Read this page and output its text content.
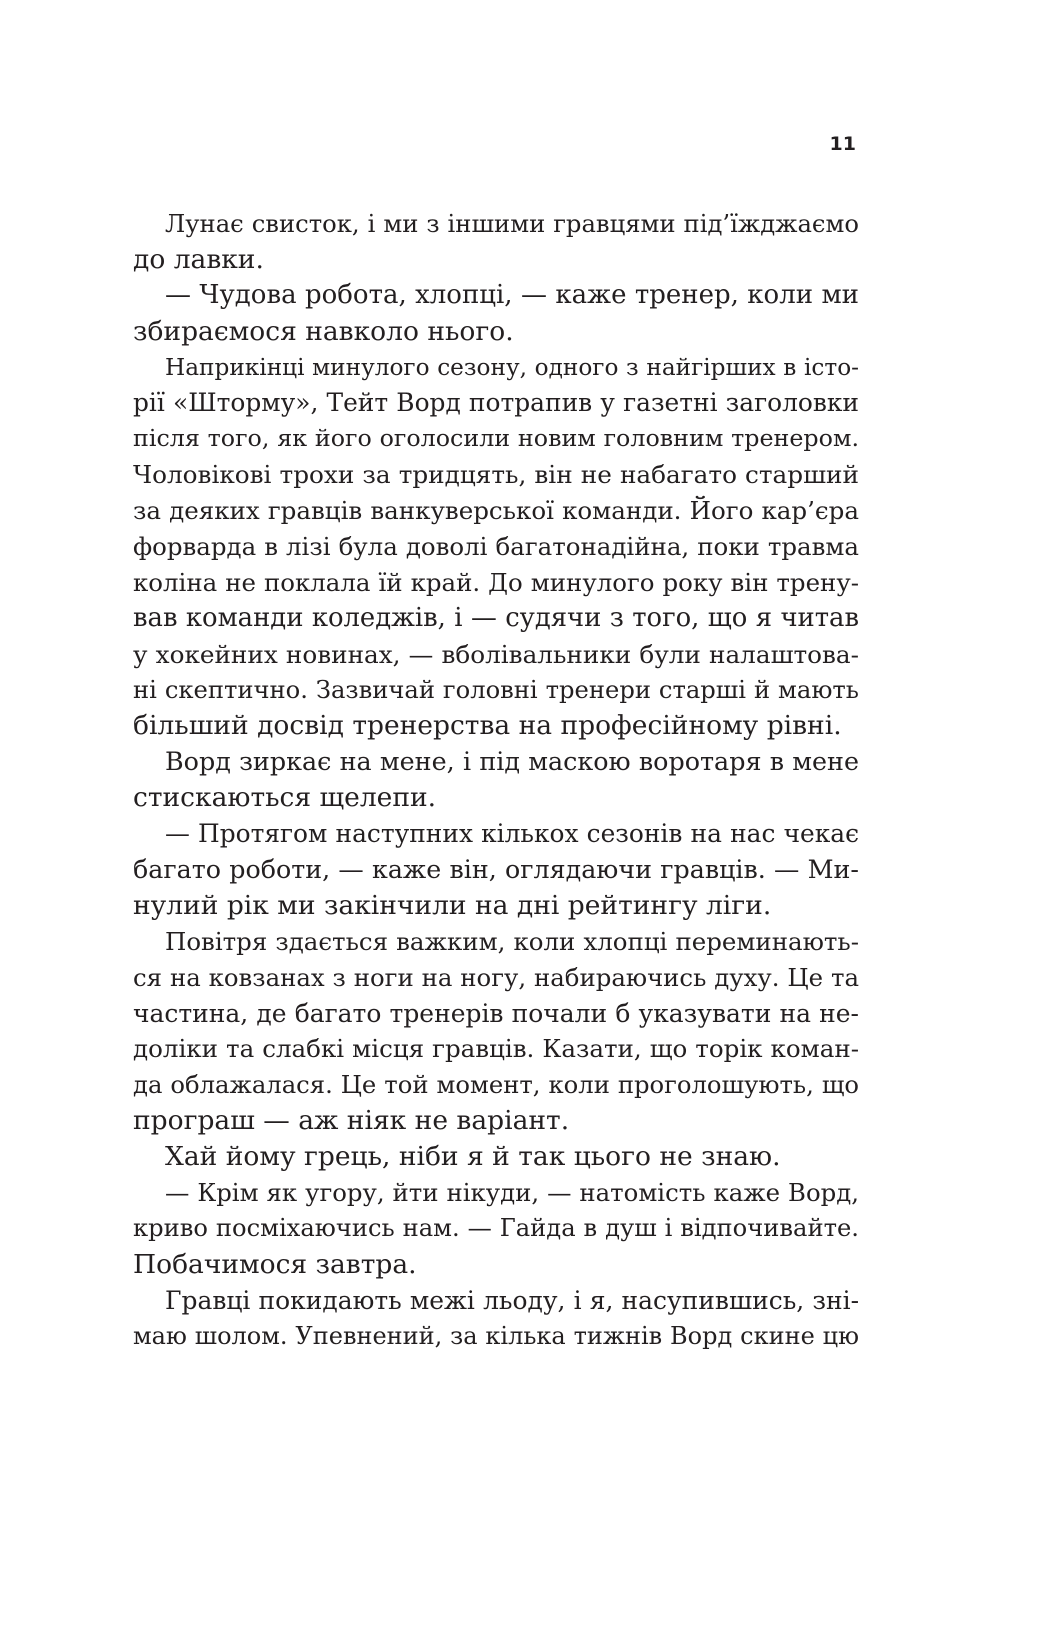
11
Лунає свисток, і ми з іншими гравцями під’їжджаємо
до лавки.
— Чудова робота, хлопці, — каже тренер, коли ми
збираємося навколо нього.
Наприкінці минулого сезону, одного з найгірших в істо-
рії «Шторму», Тейт Ворд потрапив у газетні заголовки
після того, як його оголосили новим головним тренером.
Чоловікові трохи за тридцять, він не набагато старший
за деяких гравців ванкуверської команди. Його кар’єра
форварда в лізі була доволі багатонадійна, поки травма
коліна не поклала їй край. До минулого року він трену-
вав команди коледжів, і — судячи з того, що я читав
у хокейних новинах, — вболівальники були налаштова-
ні скептично. Зазвичай головні тренери старші й мають
більший досвід тренерства на професійному рівні.
Ворд зиркає на мене, і під маскою воротаря в мене
стискаються щелепи.
— Протягом наступних кількох сезонів на нас чекає
багато роботи, — каже він, оглядаючи гравців. — Ми-
нулий рік ми закінчили на дні рейтингу ліги.
Повітря здається важким, коли хлопці переминають-
ся на ковзанах з ноги на ногу, набираючись духу. Це та
частина, де багато тренерів почали б указувати на не-
доліки та слабкі місця гравців. Казати, що торік коман-
да облажалася. Це той момент, коли проголошують, що
програш — аж ніяк не варіант.
Хай йому грець, ніби я й так цього не знаю.
— Крім як угору, йти нікуди, — натомість каже Ворд,
криво посміхаючись нам. — Гайда в душ і відпочивайте.
Побачимося завтра.
Гравці покидають межі льоду, і я, насупившись, зні-
маю шолом. Упевнений, за кілька тижнів Ворд скине цю
